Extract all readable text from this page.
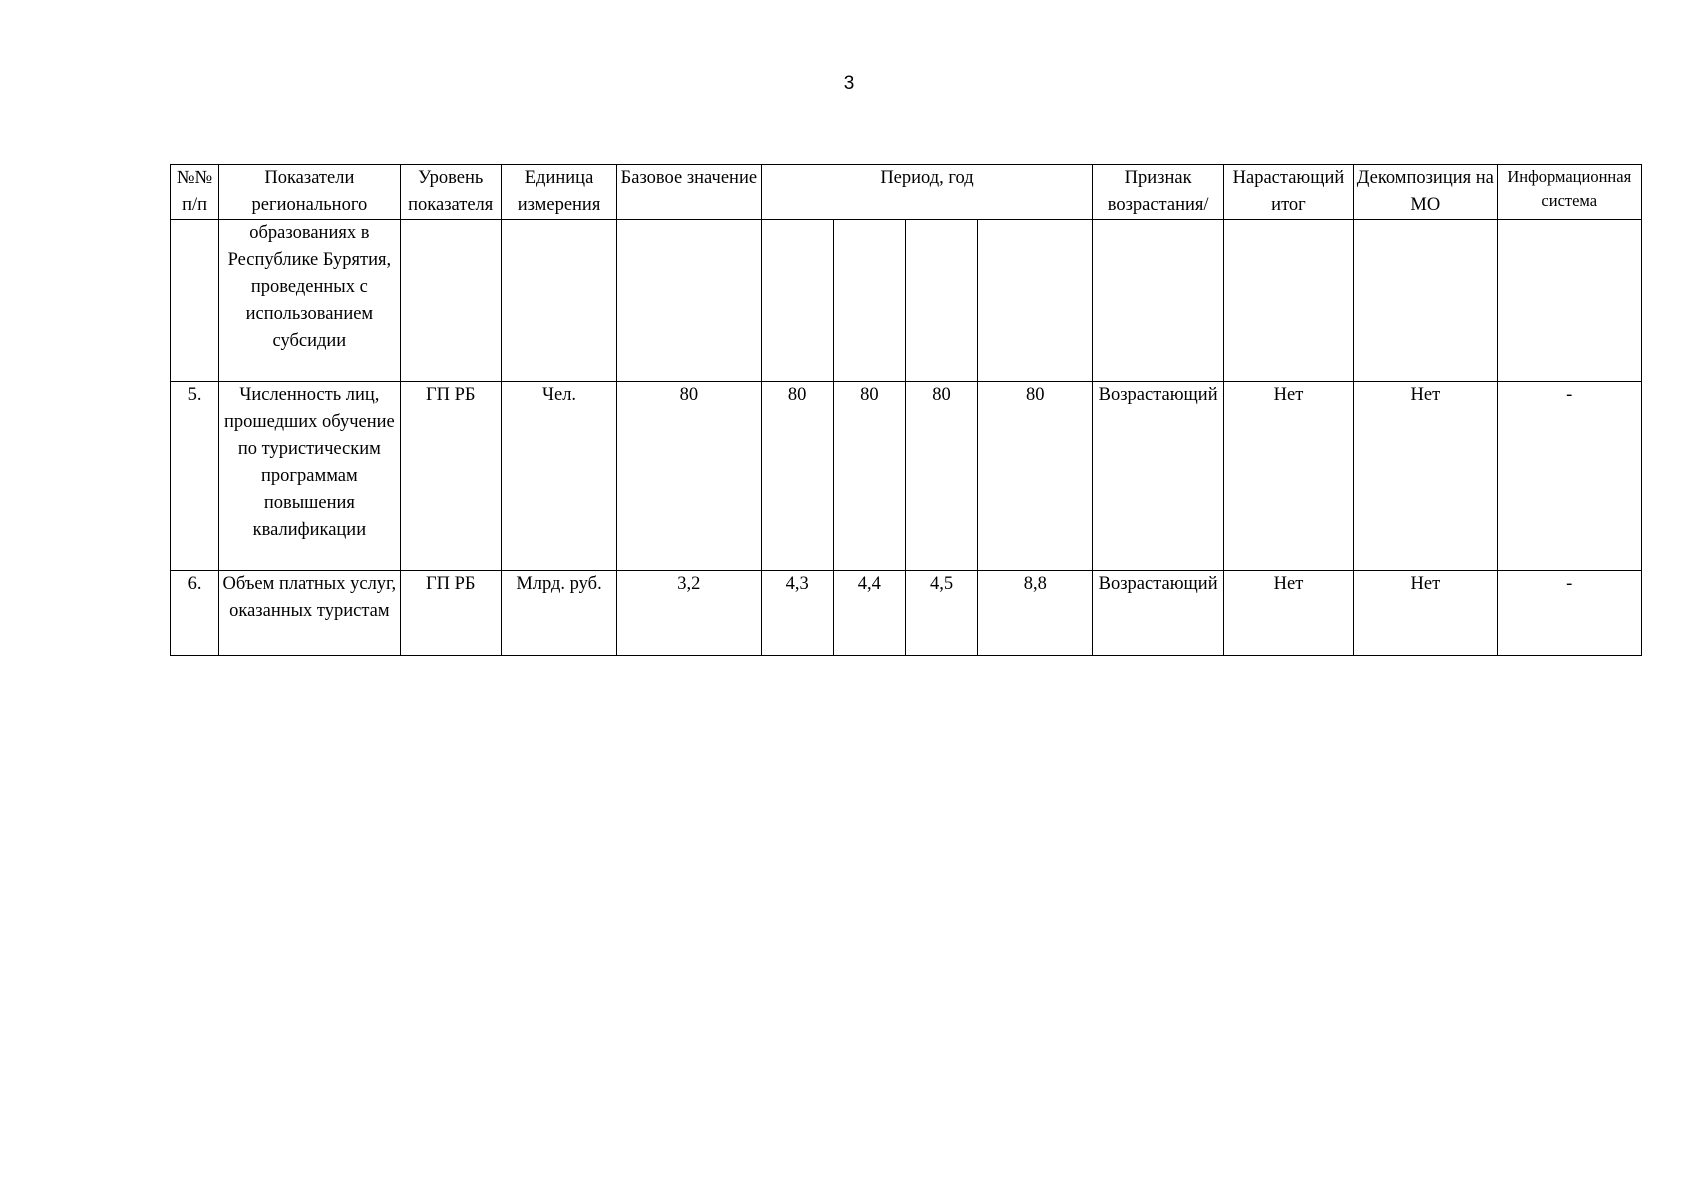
3
№№ п/п	Показатели регионального	Уровень показателя	Единица измерения	Базовое значение	Период, год				Признак возрастания/	Нарастающий итог	Декомпозиция на МО	Информационная система
	образованиях в Республике Бурятия, проведенных с использованием субсидии											
5.	Численность лиц, прошедших обучение по туристическим программам повышения квалификации	ГП РБ	Чел.	80	80	80	80	80	Возрастающий	Нет	Нет	-
6.	Объем платных услуг, оказанных туристам	ГП РБ	Млрд. руб.	3,2	4,3	4,4	4,5	8,8	Возрастающий	Нет	Нет	-
